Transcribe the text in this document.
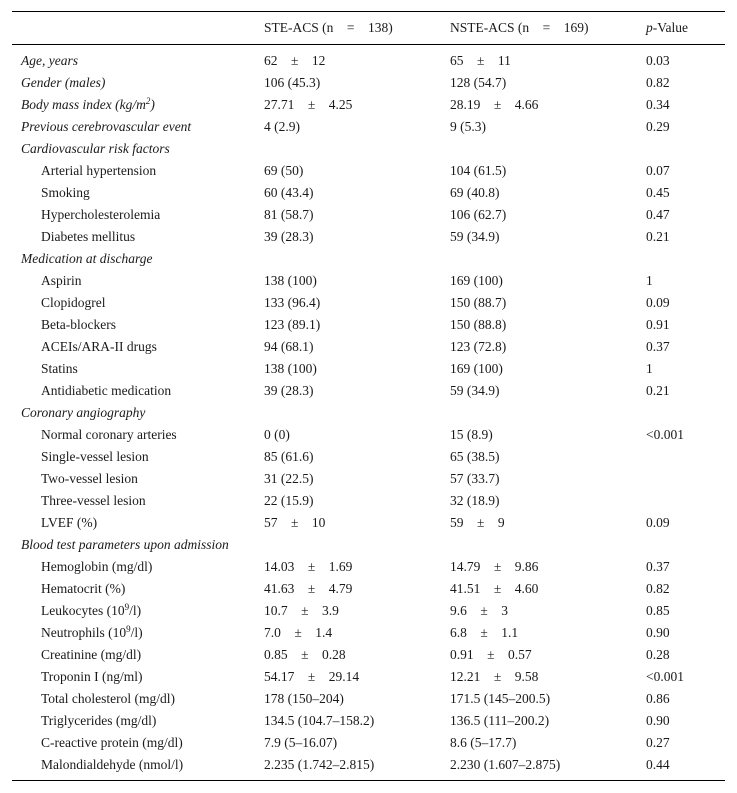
	STE-ACS (n  =  138)	NSTE-ACS (n  =  169)	p-Value
Age, years	62  ±  12	65  ±  11	0.03
Gender (males)	106 (45.3)	128 (54.7)	0.82
Body mass index $(kg/m^2)$	27.71  ±  4.25	28.19  ±  4.66	0.34
Previous cerebrovascular event	4 (2.9)	9 (5.3)	0.29
Cardiovascular risk factors			
Arterial hypertension	69 (50)	104 (61.5)	0.07
Smoking	60 (43.4)	69 (40.8)	0.45
Hypercholesterolemia	81 (58.7)	106 (62.7)	0.47
Diabetes mellitus	39 (28.3)	59 (34.9)	0.21
Medication at discharge			
Aspirin	138 (100)	169 (100)	1
Clopidogrel	133 (96.4)	150 (88.7)	0.09
Beta-blockers	123 (89.1)	150 (88.8)	0.91
ACEIs/ARA-II drugs	94 (68.1)	123 (72.8)	0.37
Statins	138 (100)	169 (100)	1
Antidiabetic medication	39 (28.3)	59 (34.9)	0.21
Coronary angiography			
Normal coronary arteries	0 (0)	15 (8.9)	<0.001
Single-vessel lesion	85 (61.6)	65 (38.5)	
Two-vessel lesion	31 (22.5)	57 (33.7)	
Three-vessel lesion	22 (15.9)	32 (18.9)	
LVEF (%)	57  ±  10	59  ±  9	0.09
Blood test parameters upon admission			
Hemoglobin (mg/dl)	14.03  ±  1.69	14.79  ±  9.86	0.37
Hematocrit (%)	41.63  ±  4.79	41.51  ±  4.60	0.82
Leukocytes $(10^9/l)$	10.7  ±  3.9	9.6  ±  3	0.85
Neutrophils $(10^9/l)$	7.0  ±  1.4	6.8  ±  1.1	0.90
Creatinine (mg/dl)	0.85  ±  0.28	0.91  ±  0.57	0.28
Troponin I (ng/ml)	54.17  ±  29.14	12.21  ±  9.58	<0.001
Total cholesterol (mg/dl)	178 (150–204)	171.5 (145–200.5)	0.86
Triglycerides (mg/dl)	134.5 (104.7–158.2)	136.5 (111–200.2)	0.90
C-reactive protein (mg/dl)	7.9 (5–16.07)	8.6 (5–17.7)	0.27
Malondialdehyde (nmol/l)	2.235 (1.742–2.815)	2.230 (1.607–2.875)	0.44
